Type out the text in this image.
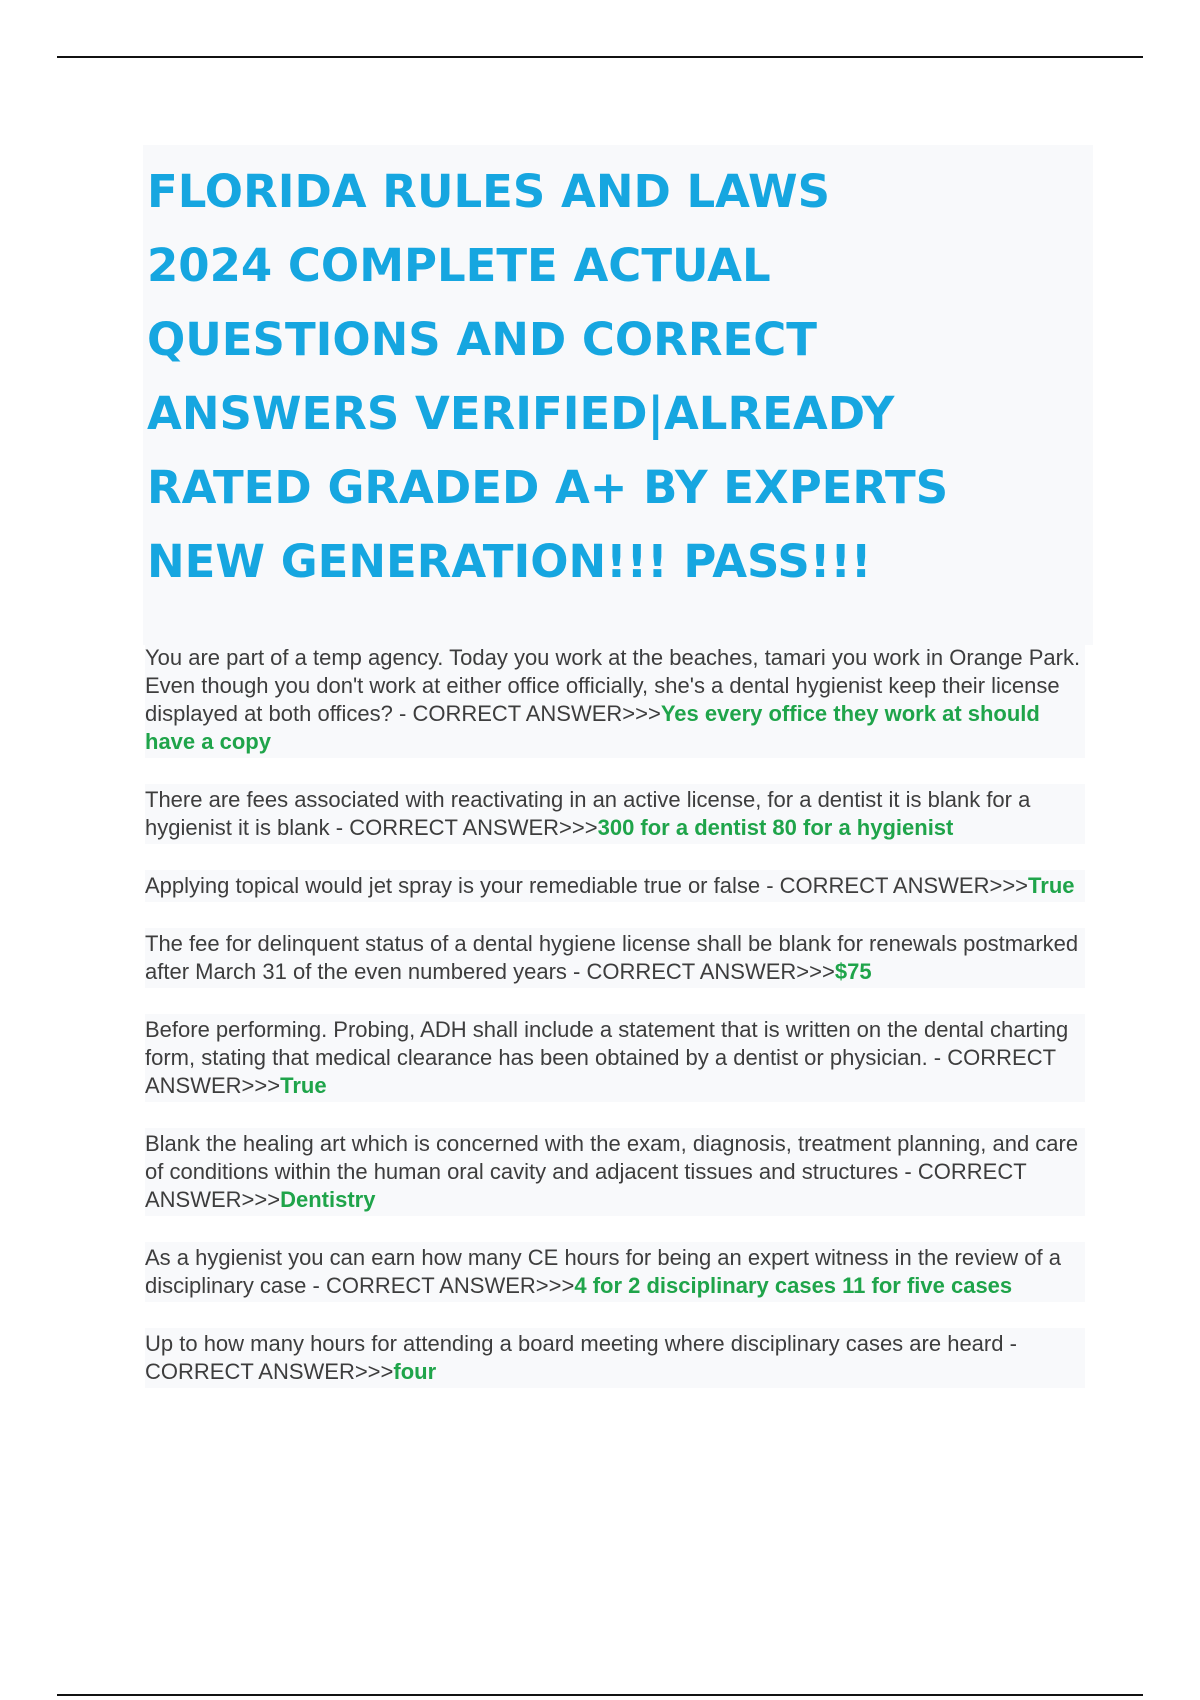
FLORIDA RULES AND LAWS
2024 COMPLETE ACTUAL
QUESTIONS AND CORRECT
ANSWERS VERIFIED|ALREADY
RATED GRADED A+ BY EXPERTS
NEW GENERATION!!! PASS!!!

You are part of a temp agency. Today you work at the beaches, tamari you work in Orange Park. Even though you don't work at either office officially, she's a dental hygienist keep their license displayed at both offices? - CORRECT ANSWER>>>Yes every office they work at should have a copy

There are fees associated with reactivating in an active license, for a dentist it is blank for a hygienist it is blank - CORRECT ANSWER>>>300 for a dentist 80 for a hygienist

Applying topical would jet spray is your remediable true or false - CORRECT ANSWER>>>True

The fee for delinquent status of a dental hygiene license shall be blank for renewals postmarked after March 31 of the even numbered years - CORRECT ANSWER>>>$75

Before performing. Probing, ADH shall include a statement that is written on the dental charting form, stating that medical clearance has been obtained by a dentist or physician. - CORRECT ANSWER>>>True

Blank the healing art which is concerned with the exam, diagnosis, treatment planning, and care of conditions within the human oral cavity and adjacent tissues and structures - CORRECT ANSWER>>>Dentistry

As a hygienist you can earn how many CE hours for being an expert witness in the review of a disciplinary case - CORRECT ANSWER>>>4 for 2 disciplinary cases 11 for five cases

Up to how many hours for attending a board meeting where disciplinary cases are heard - CORRECT ANSWER>>>four
